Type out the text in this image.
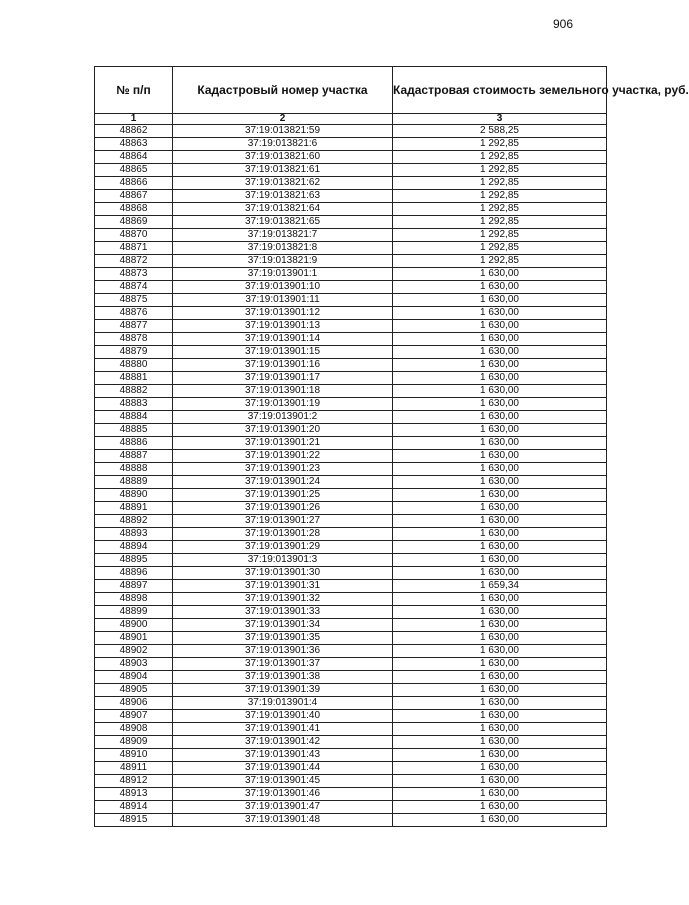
906
№ п/п	Кадастровый номер участка	Кадастровая стоимость земельного участка, руб.
1	2	3
48862	37:19:013821:59	2 588,25
48863	37:19:013821:6	1 292,85
48864	37:19:013821:60	1 292,85
48865	37:19:013821:61	1 292,85
48866	37:19:013821:62	1 292,85
48867	37:19:013821:63	1 292,85
48868	37:19:013821:64	1 292,85
48869	37:19:013821:65	1 292,85
48870	37:19:013821:7	1 292,85
48871	37:19:013821:8	1 292,85
48872	37:19:013821:9	1 292,85
48873	37:19:013901:1	1 630,00
48874	37:19:013901:10	1 630,00
48875	37:19:013901:11	1 630,00
48876	37:19:013901:12	1 630,00
48877	37:19:013901:13	1 630,00
48878	37:19:013901:14	1 630,00
48879	37:19:013901:15	1 630,00
48880	37:19:013901:16	1 630,00
48881	37:19:013901:17	1 630,00
48882	37:19:013901:18	1 630,00
48883	37:19:013901:19	1 630,00
48884	37:19:013901:2	1 630,00
48885	37:19:013901:20	1 630,00
48886	37:19:013901:21	1 630,00
48887	37:19:013901:22	1 630,00
48888	37:19:013901:23	1 630,00
48889	37:19:013901:24	1 630,00
48890	37:19:013901:25	1 630,00
48891	37:19:013901:26	1 630,00
48892	37:19:013901:27	1 630,00
48893	37:19:013901:28	1 630,00
48894	37:19:013901:29	1 630,00
48895	37:19:013901:3	1 630,00
48896	37:19:013901:30	1 630,00
48897	37:19:013901:31	1 659,34
48898	37:19:013901:32	1 630,00
48899	37:19:013901:33	1 630,00
48900	37:19:013901:34	1 630,00
48901	37:19:013901:35	1 630,00
48902	37:19:013901:36	1 630,00
48903	37:19:013901:37	1 630,00
48904	37:19:013901:38	1 630,00
48905	37:19:013901:39	1 630,00
48906	37:19:013901:4	1 630,00
48907	37:19:013901:40	1 630,00
48908	37:19:013901:41	1 630,00
48909	37:19:013901:42	1 630,00
48910	37:19:013901:43	1 630,00
48911	37:19:013901:44	1 630,00
48912	37:19:013901:45	1 630,00
48913	37:19:013901:46	1 630,00
48914	37:19:013901:47	1 630,00
48915	37:19:013901:48	1 630,00
